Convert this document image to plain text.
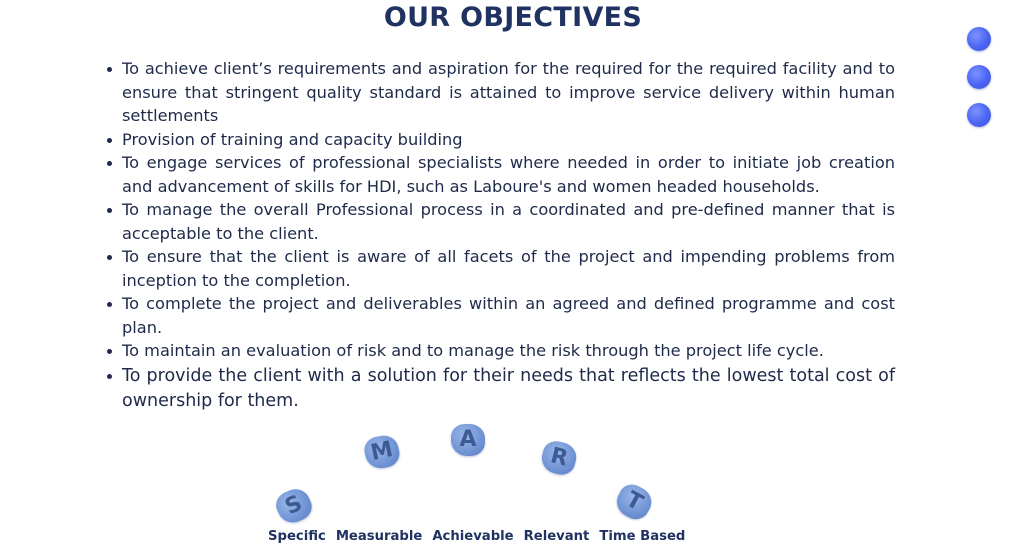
OUR OBJECTIVES
To achieve client’s requirements and aspiration for the required for the required facility and to ensure that stringent quality standard is attained to improve service delivery within human settlements
Provision of training and capacity building
To engage services of professional specialists where needed in order to initiate job creation and advancement of skills for HDI, such as Laboure's and women headed households.
To manage the overall Professional process in a coordinated and pre-defined manner that is acceptable to the client.
To ensure that the client is aware of all facets of the project and impending problems from inception to the completion.
To complete the project and deliverables within an agreed and defined programme and cost plan.
To maintain an evaluation of risk and to manage the risk through the project life cycle.
To provide the client with a solution for their needs that reflects the lowest total cost of ownership for them.
S
M	A
R
T
Specific Measurable Achievable Relevant Time Based
